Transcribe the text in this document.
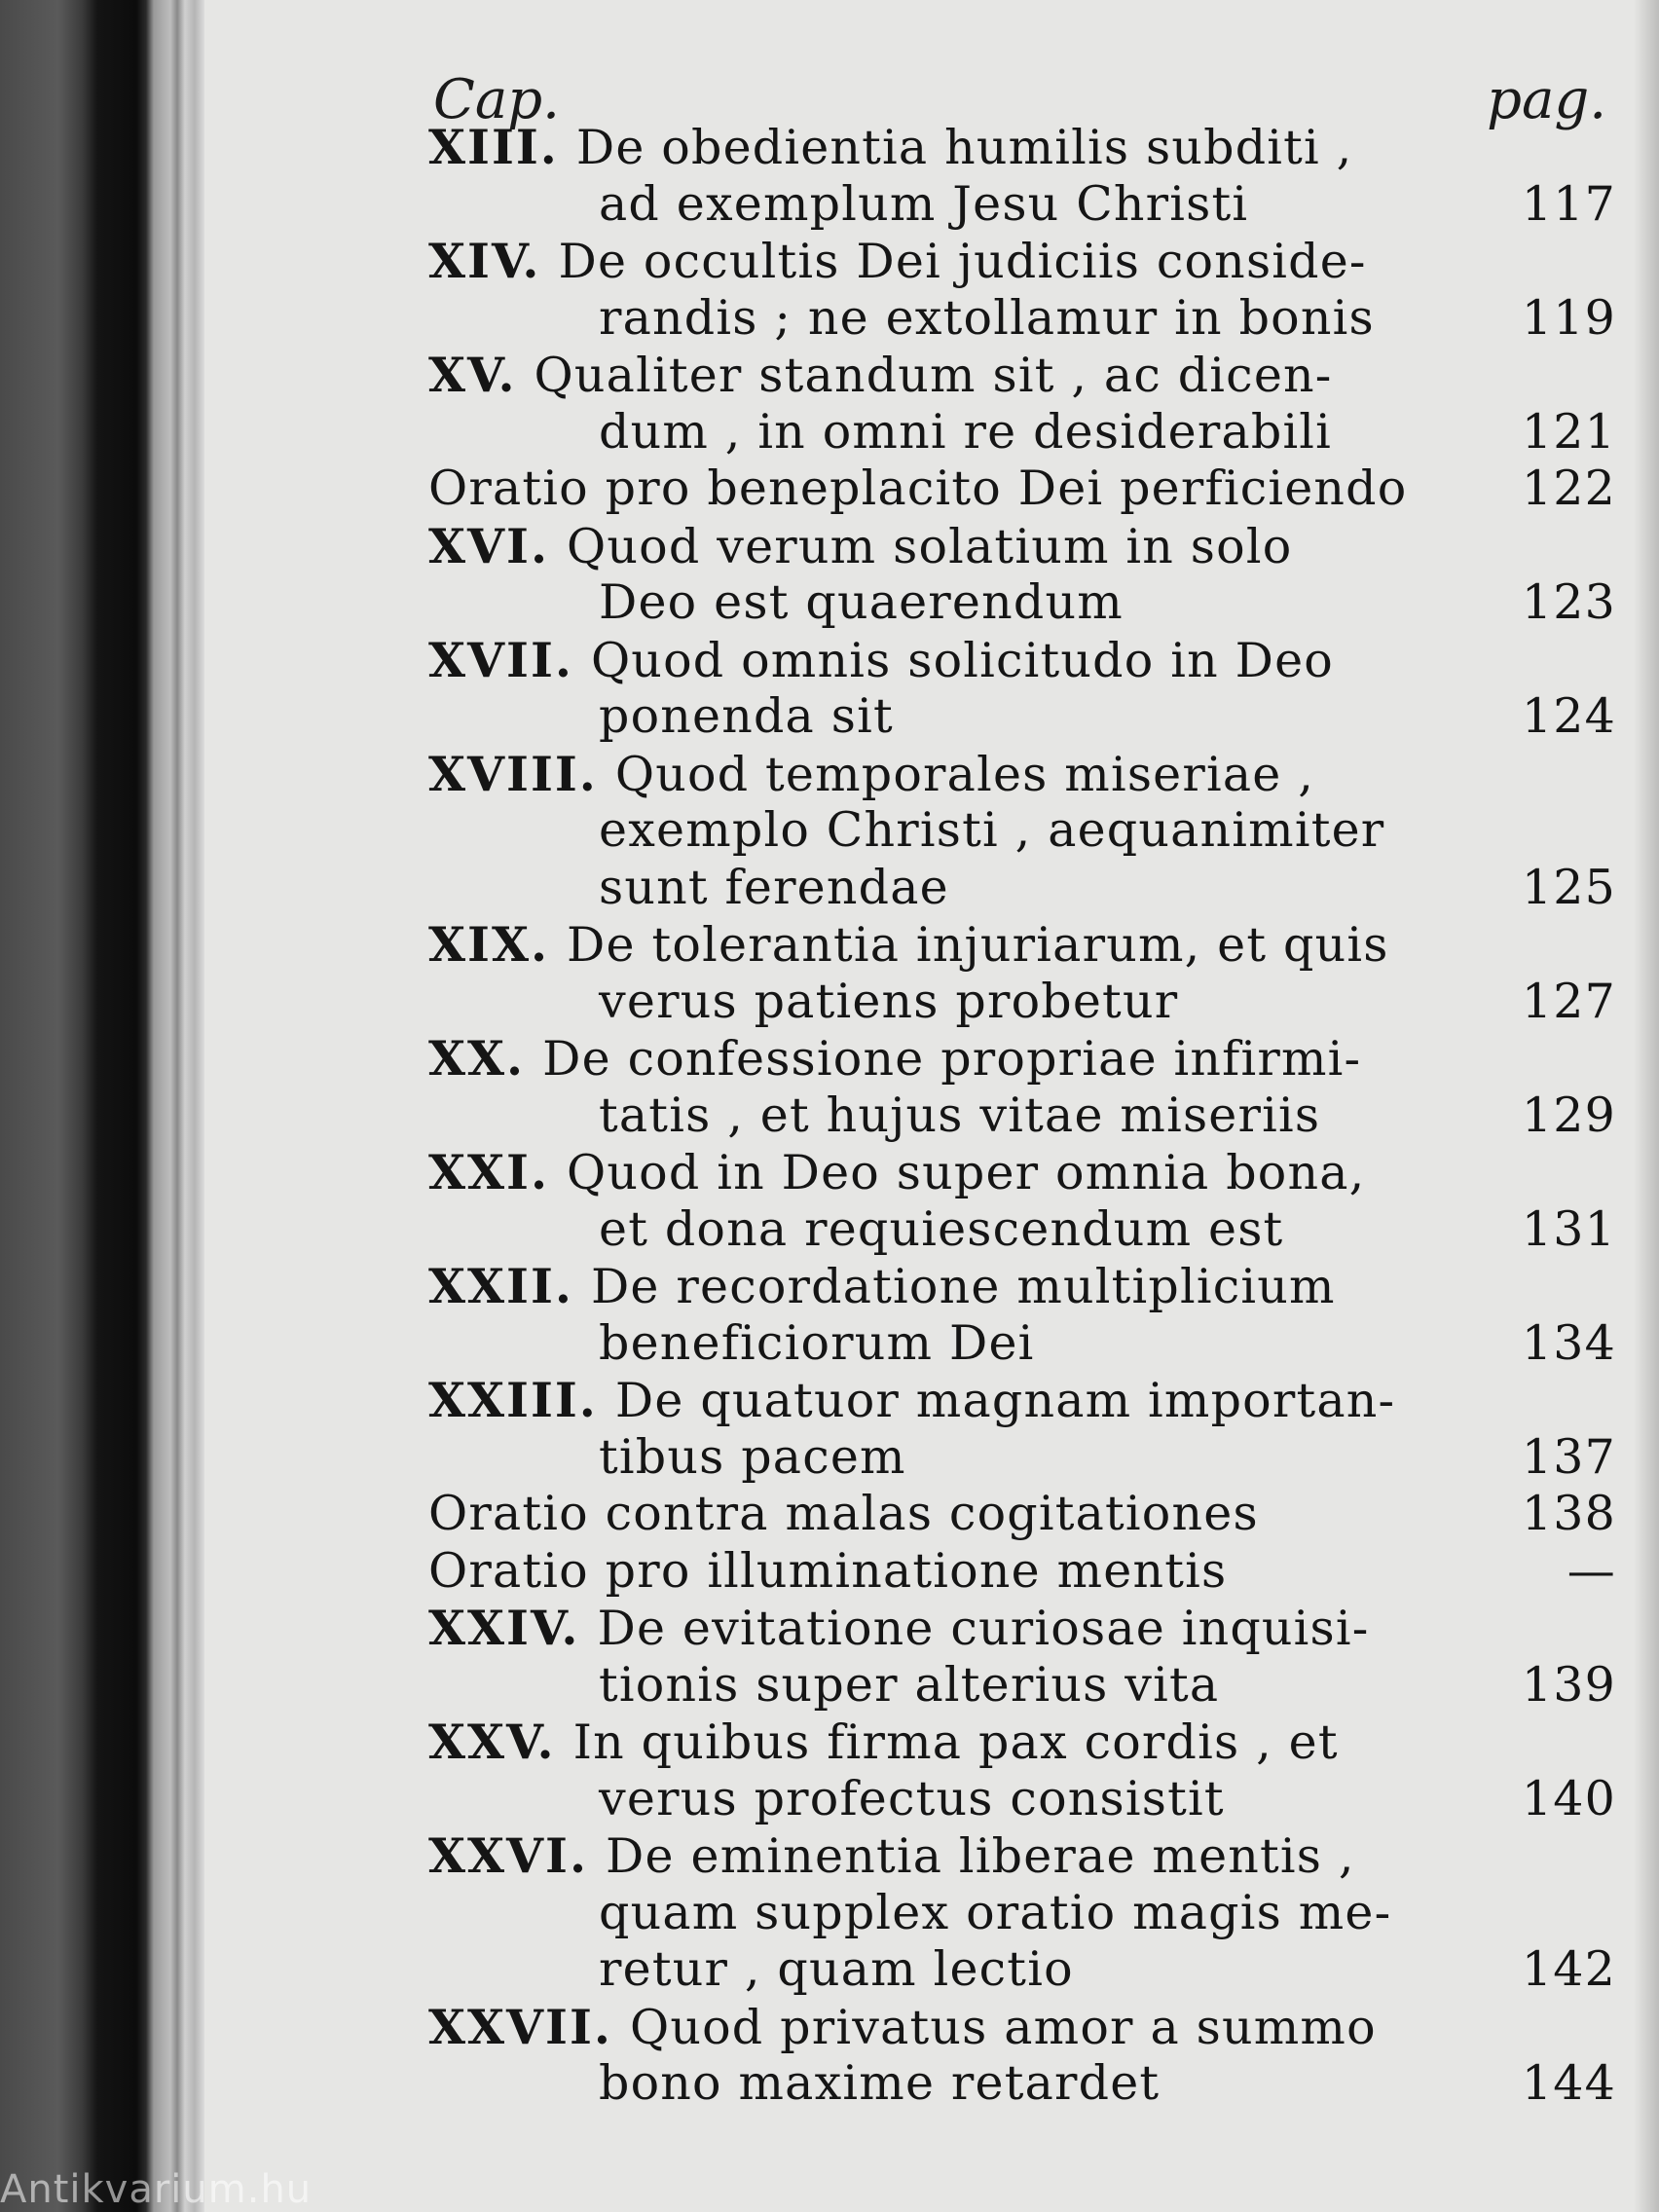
Cap.	pag.
XIII. De obedientia humilis subditi ,
ad exemplum Jesu Christi	117
XIV. De occultis Dei judiciis conside-
randis ; ne extollamur in bonis	119
XV. Qualiter standum sit , ac dicen-
dum , in omni re desiderabili	121
Oratio pro beneplacito Dei perficiendo 122
XVI. Quod verum solatium in solo
Deo est quaerendum	123
XVII. Quod omnis solicitudo in Deo
ponenda sit	124
XVIII. Quod temporales miseriae ,
exemplo Christi , aequanimiter
sunt ferendae	125
XIX. De tolerantia injuriarum, et quis
verus patiens probetur	127
XX. De confessione propriae infirmi-
tatis , et hujus vitae miseriis	129
XXI. Quod in Deo super omnia bona,
et dona requiescendum est	131
XXII. De recordatione multiplicium
beneficiorum Dei	134
XXIII. De quatuor magnam importan-
tibus pacem	137
Oratio contra malas cogitationes	138
Oratio pro illuminatione mentis	—
XXIV. De evitatione curiosae inquisi-
tionis super alterius vita	139
XXV. In quibus firma pax cordis , et
verus profectus consistit	140
XXVI. De eminentia liberae mentis ,
quam supplex oratio magis me-
retur , quam lectio	142
XXVII. Quod privatus amor a summo
bono maxime retardet	144
Antikvarium.hu
